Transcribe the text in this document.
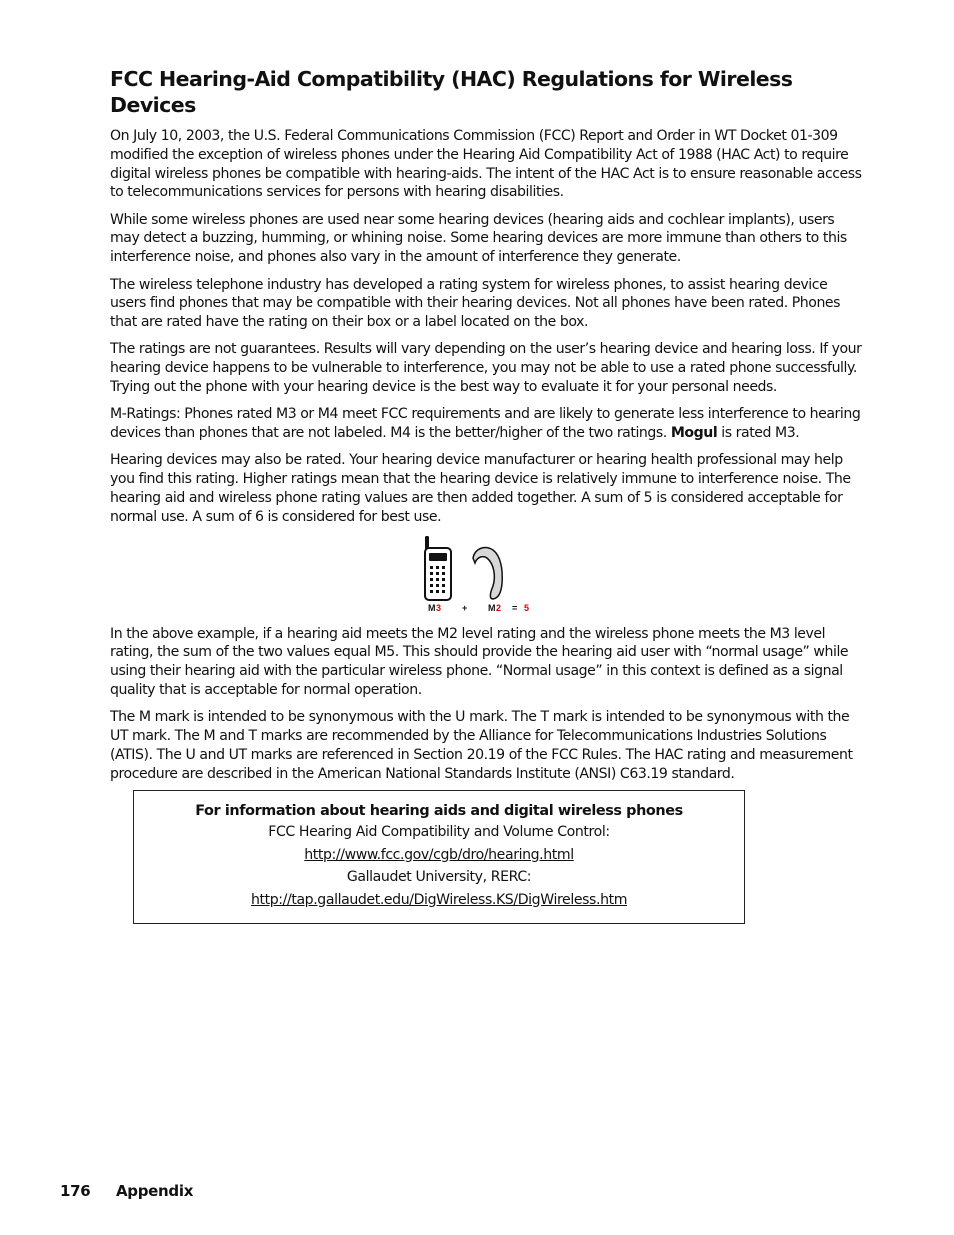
FCC Hearing-Aid Compatibility (HAC) Regulations for Wireless Devices

On July 10, 2003, the U.S. Federal Communications Commission (FCC) Report and Order in WT Docket 01-309 modified the exception of wireless phones under the Hearing Aid Compatibility Act of 1988 (HAC Act) to require digital wireless phones be compatible with hearing-aids. The intent of the HAC Act is to ensure reasonable access to telecommunications services for persons with hearing disabilities.

While some wireless phones are used near some hearing devices (hearing aids and cochlear implants), users may detect a buzzing, humming, or whining noise. Some hearing devices are more immune than others to this interference noise, and phones also vary in the amount of interference they generate.

The wireless telephone industry has developed a rating system for wireless phones, to assist hearing device users find phones that may be compatible with their hearing devices. Not all phones have been rated. Phones that are rated have the rating on their box or a label located on the box.

The ratings are not guarantees. Results will vary depending on the user’s hearing device and hearing loss. If your hearing device happens to be vulnerable to interference, you may not be able to use a rated phone successfully. Trying out the phone with your hearing device is the best way to evaluate it for your personal needs.

M-Ratings: Phones rated M3 or M4 meet FCC requirements and are likely to generate less interference to hearing devices than phones that are not labeled. M4 is the better/higher of the two ratings. Mogul is rated M3.

Hearing devices may also be rated. Your hearing device manufacturer or hearing health professional may help you find this rating. Higher ratings mean that the hearing device is relatively immune to interference noise. The hearing aid and wireless phone rating values are then added together. A sum of 5 is considered acceptable for normal use. A sum of 6 is considered for best use.

M 3 + M 2 = 5

In the above example, if a hearing aid meets the M2 level rating and the wireless phone meets the M3 level rating, the sum of the two values equal M5. This should provide the hearing aid user with “normal usage” while using their hearing aid with the particular wireless phone. “Normal usage” in this context is defined as a signal quality that is acceptable for normal operation.

The M mark is intended to be synonymous with the U mark. The T mark is intended to be synonymous with the UT mark. The M and T marks are recommended by the Alliance for Telecommunications Industries Solutions (ATIS). The U and UT marks are referenced in Section 20.19 of the FCC Rules. The HAC rating and measurement procedure are described in the American National Standards Institute (ANSI) C63.19 standard.

For information about hearing aids and digital wireless phones
FCC Hearing Aid Compatibility and Volume Control:
http://www.fcc.gov/cgb/dro/hearing.html
Gallaudet University, RERC:
http://tap.gallaudet.edu/DigWireless.KS/DigWireless.htm
176 Appendix
